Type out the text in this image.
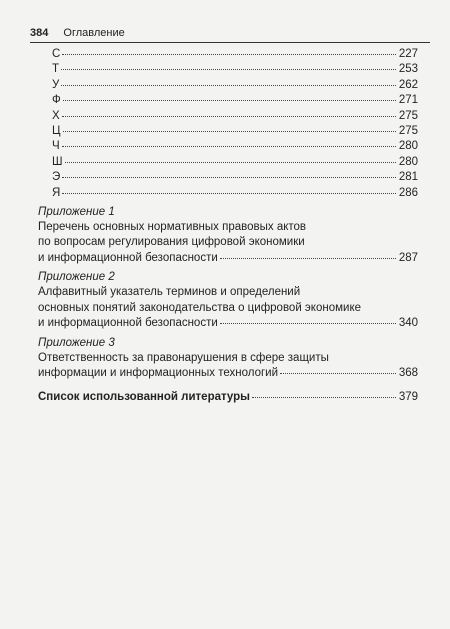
384 Оглавление
С	227
Т	253
У	262
Ф	271
Х	275
Ц	275
Ч	280
Ш	280
Э	281
Я	286
Приложение 1
Перечень основных нормативных правовых актов
по вопросам регулирования цифровой экономики
и информационной безопасности	287
Приложение 2
Алфавитный указатель терминов и определений
основных понятий законодательства о цифровой экономике
и информационной безопасности	340
Приложение 3
Ответственность за правонарушения в сфере защиты
информации и информационных технологий	368
Список использованной литературы	379
